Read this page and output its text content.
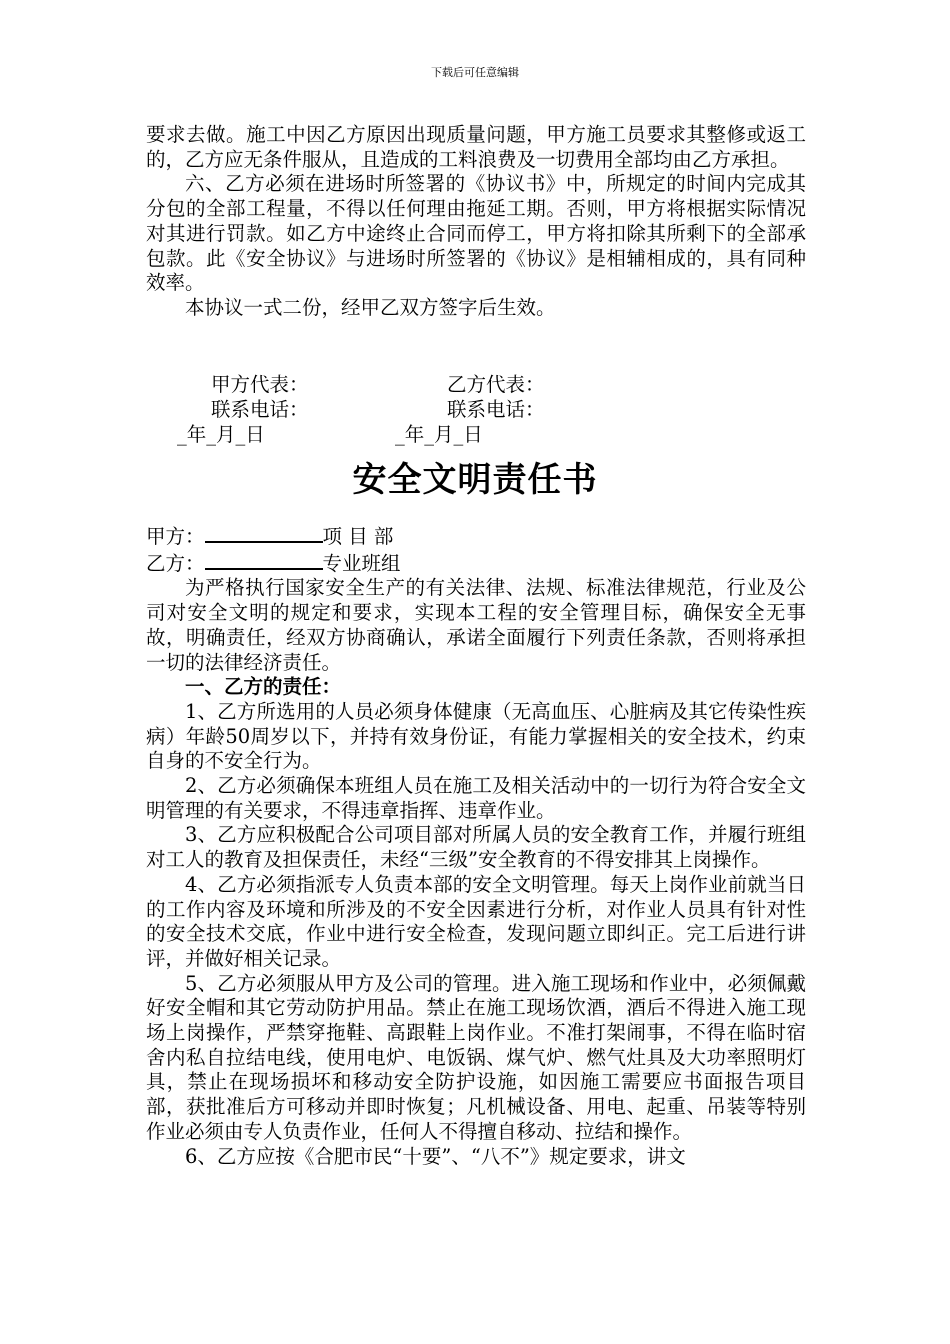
下载后可任意编辑

要求去做。施工中因乙方原因出现质量问题，甲方施工员要求其整修或返工的，乙方应无条件服从，且造成的工料浪费及一切费用全部均由乙方承担。

六、乙方必须在进场时所签署的《协议书》中，所规定的时间内完成其分包的全部工程量，不得以任何理由拖延工期。否则，甲方将根据实际情况对其进行罚款。如乙方中途终止合同而停工，甲方将扣除其所剩下的全部承包款。此《安全协议》与进场时所签署的《协议》是相辅相成的，具有同种效率。

本协议一式二份，经甲乙双方签字后生效。

甲方代表：	乙方代表：
联系电话：	联系电话：
_年_月_日	_年_月_日
安全文明责任书

甲方：	项 目 部

乙方：	专业班组

为严格执行国家安全生产的有关法律、法规、标准法律规范，行业及公司对安全文明的规定和要求，实现本工程的安全管理目标，确保安全无事故，明确责任，经双方协商确认，承诺全面履行下列责任条款，否则将承担一切的法律经济责任。

一、乙方的责任：

1、乙方所选用的人员必须身体健康（无高血压、心脏病及其它传染性疾病）年龄50周岁以下，并持有效身份证，有能力掌握相关的安全技术，约束自身的不安全行为。

2、乙方必须确保本班组人员在施工及相关活动中的一切行为符合安全文明管理的有关要求，不得违章指挥、违章作业。

3、乙方应积极配合公司项目部对所属人员的安全教育工作，并履行班组对工人的教育及担保责任，未经“三级”安全教育的不得安排其上岗操作。

4、乙方必须指派专人负责本部的安全文明管理。每天上岗作业前就当日的工作内容及环境和所涉及的不安全因素进行分析，对作业人员具有针对性的安全技术交底，作业中进行安全检查，发现问题立即纠正。完工后进行讲评，并做好相关记录。

5、乙方必须服从甲方及公司的管理。进入施工现场和作业中，必须佩戴好安全帽和其它劳动防护用品。禁止在施工现场饮酒，酒后不得进入施工现场上岗操作，严禁穿拖鞋、高跟鞋上岗作业。不准打架闹事，不得在临时宿舍内私自拉结电线，使用电炉、电饭锅、煤气炉、燃气灶具及大功率照明灯具，禁止在现场损坏和移动安全防护设施，如因施工需要应书面报告项目部，获批准后方可移动并即时恢复；凡机械设备、用电、起重、吊装等特别作业必须由专人负责作业，任何人不得擅自移动、拉结和操作。

6、乙方应按《合肥市民“十要”、“八不”》规定要求，讲文
